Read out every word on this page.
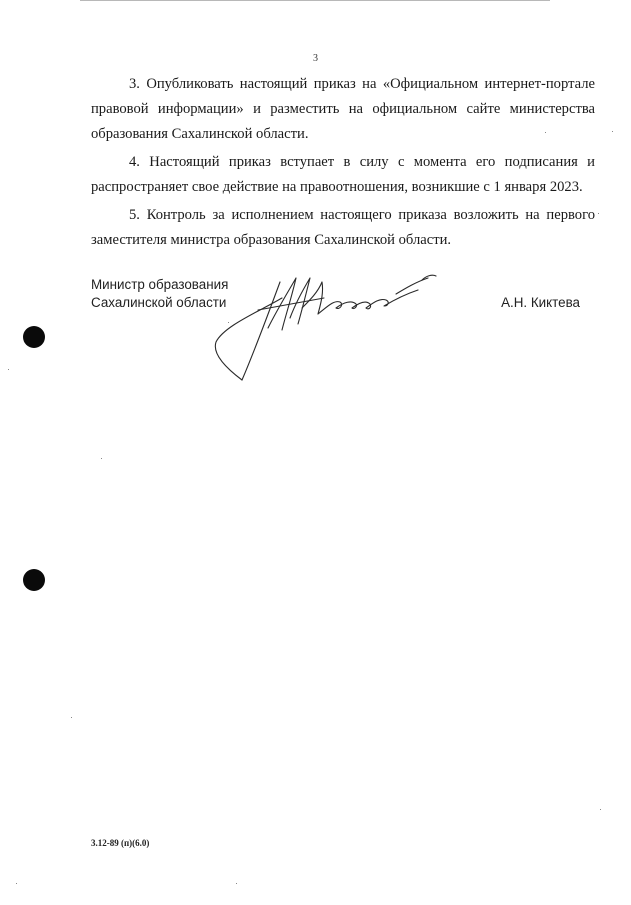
3

3. Опубликовать настоящий приказ на «Официальном интернет-портале правовой информации» и разместить на официальном сайте министерства образования Сахалинской области.

4. Настоящий приказ вступает в силу с момента его подписания и распространяет свое действие на правоотношения, возникшие с 1 января 2023.

5. Контроль за исполнением настоящего приказа возложить на первого заместителя министра образования Сахалинской области.

Министр образования
Сахалинской области	А.Н. Киктева
3.12-89 (п)(6.0)
